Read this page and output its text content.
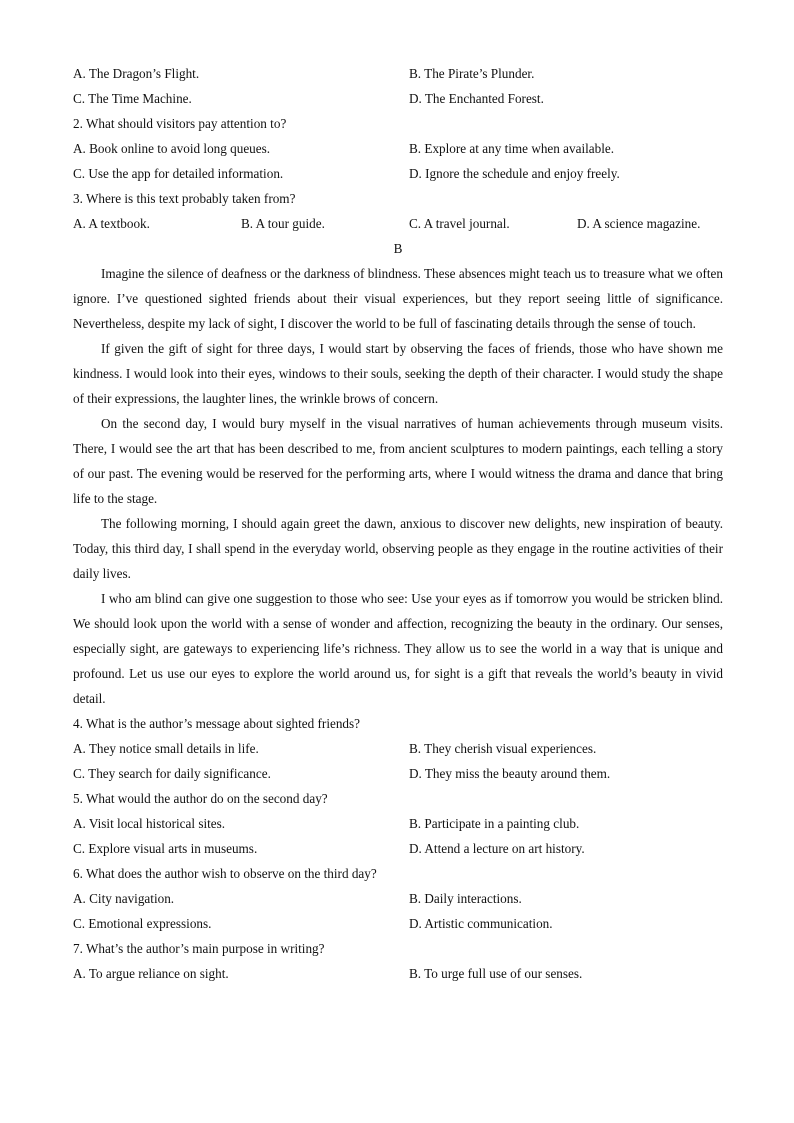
A. The Dragon’s Flight.	B. The Pirate’s Plunder.
C. The Time Machine.	D. The Enchanted Forest.
2. What should visitors pay attention to?
A. Book online to avoid long queues.	B. Explore at any time when available.
C. Use the app for detailed information.	D. Ignore the schedule and enjoy freely.
3. Where is this text probably taken from?
A. A textbook.	B. A tour guide.	C. A travel journal.	D. A science magazine.
B

Imagine the silence of deafness or the darkness of blindness. These absences might teach us to treasure what we often ignore. I’ve questioned sighted friends about their visual experiences, but they report seeing little of significance. Nevertheless, despite my lack of sight, I discover the world to be full of fascinating details through the sense of touch.

If given the gift of sight for three days, I would start by observing the faces of friends, those who have shown me kindness. I would look into their eyes, windows to their souls, seeking the depth of their character. I would study the shape of their expressions, the laughter lines, the wrinkle brows of concern.

On the second day, I would bury myself in the visual narratives of human achievements through museum visits. There, I would see the art that has been described to me, from ancient sculptures to modern paintings, each telling a story of our past. The evening would be reserved for the performing arts, where I would witness the drama and dance that bring life to the stage.

The following morning, I should again greet the dawn, anxious to discover new delights, new inspiration of beauty. Today, this third day, I shall spend in the everyday world, observing people as they engage in the routine activities of their daily lives.

I who am blind can give one suggestion to those who see: Use your eyes as if tomorrow you would be stricken blind. We should look upon the world with a sense of wonder and affection, recognizing the beauty in the ordinary. Our senses, especially sight, are gateways to experiencing life’s richness. They allow us to see the world in a way that is unique and profound. Let us use our eyes to explore the world around us, for sight is a gift that reveals the world’s beauty in vivid detail.

4. What is the author’s message about sighted friends?
A. They notice small details in life.	B. They cherish visual experiences.
C. They search for daily significance.	D. They miss the beauty around them.
5. What would the author do on the second day?
A. Visit local historical sites.	B. Participate in a painting club.
C. Explore visual arts in museums.	D. Attend a lecture on art history.
6. What does the author wish to observe on the third day?
A. City navigation.	B. Daily interactions.
C. Emotional expressions.	D. Artistic communication.
7. What’s the author’s main purpose in writing?
A. To argue reliance on sight.	B. To urge full use of our senses.
